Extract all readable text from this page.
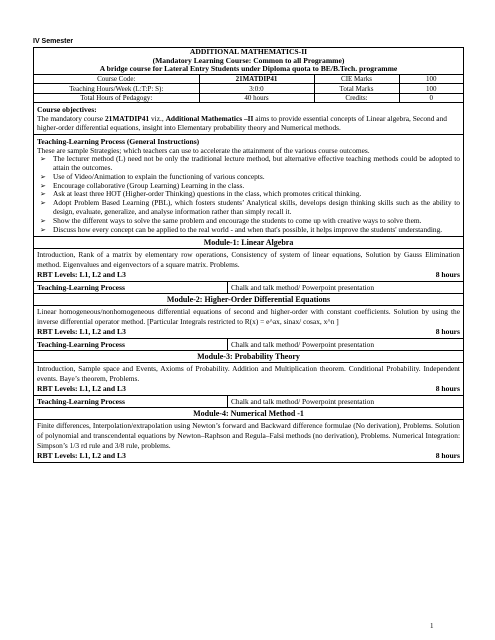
IV Semester
ADDITIONAL MATHEMATICS-II
(Mandatory Learning Course: Common to all Programme)
A bridge course for Lateral Entry Students under Diploma quota to BE/B.Tech. programme
Course Code:	21MATDIP41	CIE Marks	100
Teaching Hours/Week (L:T:P: S):	3:0:0	Total Marks	100
Total Hours of Pedagogy:	40 hours	Credits:	0
Course objectives:
The mandatory course 21MATDIP41 viz., Additional Mathematics –II aims to provide essential concepts of Linear algebra, Second and higher-order differential equations, insight into Elementary probability theory and Numerical methods.
Teaching-Learning Process (General Instructions)
These are sample Strategies; which teachers can use to accelerate the attainment of the various course outcomes.
➢ The lecturer method (L) need not be only the traditional lecture method, but alternative effective teaching methods could be adopted to attain the outcomes.
➢ Use of Video/Animation to explain the functioning of various concepts.
➢ Encourage collaborative (Group Learning) Learning in the class.
➢ Ask at least three HOT (Higher-order Thinking) questions in the class, which promotes critical thinking.
➢ Adopt Problem Based Learning (PBL), which fosters students’ Analytical skills, develops design thinking skills such as the ability to design, evaluate, generalize, and analyse information rather than simply recall it.
➢ Show the different ways to solve the same problem and encourage the students to come up with creative ways to solve them.
➢ Discuss how every concept can be applied to the real world - and when that's possible, it helps improve the students' understanding.
Module-1: Linear Algebra
Introduction, Rank of a matrix by elementary row operations, Consistency of system of linear equations, Solution by Gauss Elimination method. Eigenvalues and eigenvectors of a square matrix. Problems.
RBT Levels: L1, L2 and L3	8 hours
Teaching-Learning Process	Chalk and talk method/ Powerpoint presentation
Module-2: Higher-Order Differential Equations
Linear homogeneous/nonhomogeneous differential equations of second and higher-order with constant coefficients. Solution by using the inverse differential operator method. [Particular Integrals restricted to R(x) = e^ax, sinax/ cosax, x^n ]
RBT Levels: L1, L2 and L3	8 hours
Teaching-Learning Process	Chalk and talk method/ Powerpoint presentation
Module-3: Probability Theory
Introduction, Sample space and Events, Axioms of Probability. Addition and Multiplication theorem. Conditional Probability. Independent events. Baye’s theorem, Problems.
RBT Levels: L1, L2 and L3	8 hours
Teaching-Learning Process	Chalk and talk method/ Powerpoint presentation
Module-4: Numerical Method -1
Finite differences, Interpolation/extrapolation using Newton’s forward and Backward difference formulae (No derivation), Problems. Solution of polynomial and transcendental equations by Newton–Raphson and Regula–Falsi methods (no derivation), Problems. Numerical Integration: Simpson’s 1/3 rd rule and 3/8 rule, problems.
RBT Levels: L1, L2 and L3	8 hours
1
